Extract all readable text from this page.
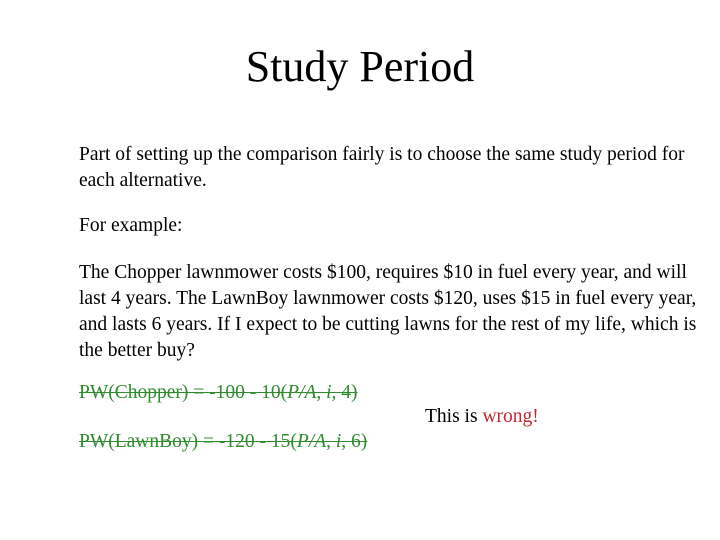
Study Period

Part of setting up the comparison fairly is to choose the same study period for each alternative.

For example:

The Chopper lawnmower costs $100, requires $10 in fuel every year, and will last 4 years. The LawnBoy lawnmower costs $120, uses $15 in fuel every year, and lasts 6 years. If I expect to be cutting lawns for the rest of my life, which is the better buy?

PW(Chopper) = -100 - 10(P/A, i, 4)
PW(LawnBoy) = -120 - 15(P/A, i, 6)
This is wrong!
